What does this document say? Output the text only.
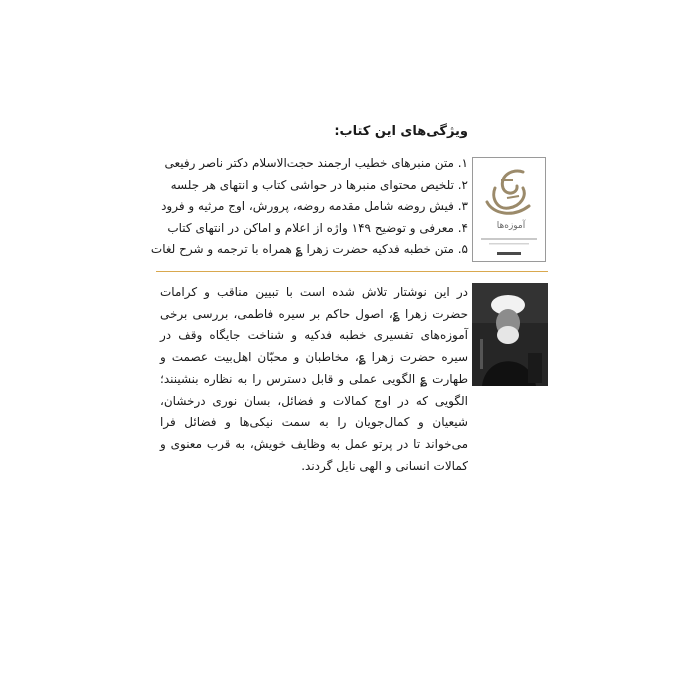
ویژگی‌های این کتاب:
۱. متن منبرهای خطیب ارجمند حجت‌الاسلام دکتر ناصر رفیعی
۲. تلخیص محتوای منبرها در حواشی کتاب و انتهای هر جلسه
۳. فیش روضه شامل مقدمه روضه، پرورش، اوج مرثیه و فرود
۴. معرفی و توضیح ۱۴۹ واژه از اعلام و اماکن در انتهای کتاب
۵. متن خطبه فدکیه حضرت زهرا ؏ همراه با ترجمه و شرح لغات
آموزه‌ها
در این نوشتار تلاش شده است با تبیین مناقب و کرامات حضرت زهرا ؏، اصول حاکم بر سیره فاطمی، بررسی برخی آموزه‌های تفسیری خطبه فدکیه و شناخت جایگاه وقف در سیره حضرت زهرا ؏، مخاطبان و محبّان اهل‌بیت عصمت و طهارت ؏ الگویی عملی و قابل دسترس را به نظاره بنشینند؛ الگویی که در اوج کمالات و فضائل، بسان نوری درخشان، شیعیان و کمال‌جویان را به سمت نیکی‌ها و فضائل فرا می‌خواند تا در پرتو عمل به وظایف خویش، به قرب معنوی و کمالات انسانی و الهی نایل گردند.
